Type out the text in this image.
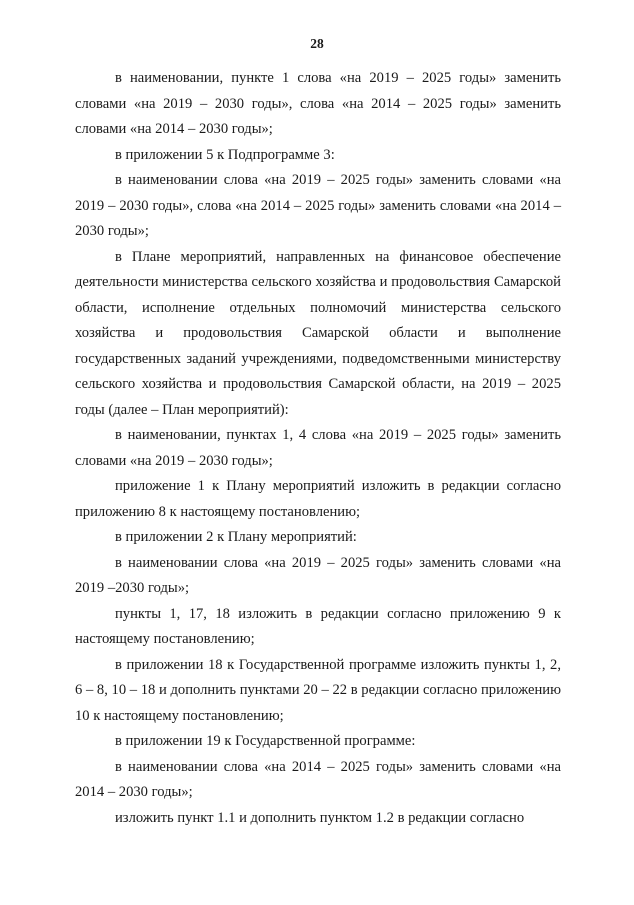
28

в наименовании, пункте 1 слова «на 2019 – 2025 годы» заменить словами «на 2019 – 2030 годы», слова «на 2014 – 2025 годы» заменить словами «на 2014 – 2030 годы»;

в приложении 5 к Подпрограмме 3:

в наименовании слова «на 2019 – 2025 годы» заменить словами «на 2019 – 2030 годы», слова «на 2014 – 2025 годы» заменить словами «на 2014 – 2030 годы»;

в Плане мероприятий, направленных на финансовое обеспечение деятельности министерства сельского хозяйства и продовольствия Самарской области, исполнение отдельных полномочий министерства сельского хозяйства и продовольствия Самарской области и выполнение государственных заданий учреждениями, подведомственными министерству сельского хозяйства и продовольствия Самарской области, на 2019 – 2025 годы (далее – План мероприятий):

в наименовании, пунктах 1, 4 слова «на 2019 – 2025 годы» заменить словами «на 2019 – 2030 годы»;

приложение 1 к Плану мероприятий изложить в редакции согласно приложению 8 к настоящему постановлению;

в приложении 2 к Плану мероприятий:

в наименовании слова «на 2019 – 2025 годы» заменить словами «на 2019 –2030 годы»;

пункты 1, 17, 18 изложить в редакции согласно приложению 9 к настоящему постановлению;

в приложении 18 к Государственной программе изложить пункты 1, 2, 6 – 8, 10 – 18 и дополнить пунктами 20 – 22 в редакции согласно приложению 10 к настоящему постановлению;

в приложении 19 к Государственной программе:

в наименовании слова «на 2014 – 2025 годы» заменить словами «на 2014 – 2030 годы»;

изложить пункт 1.1 и дополнить пунктом 1.2 в редакции согласно
